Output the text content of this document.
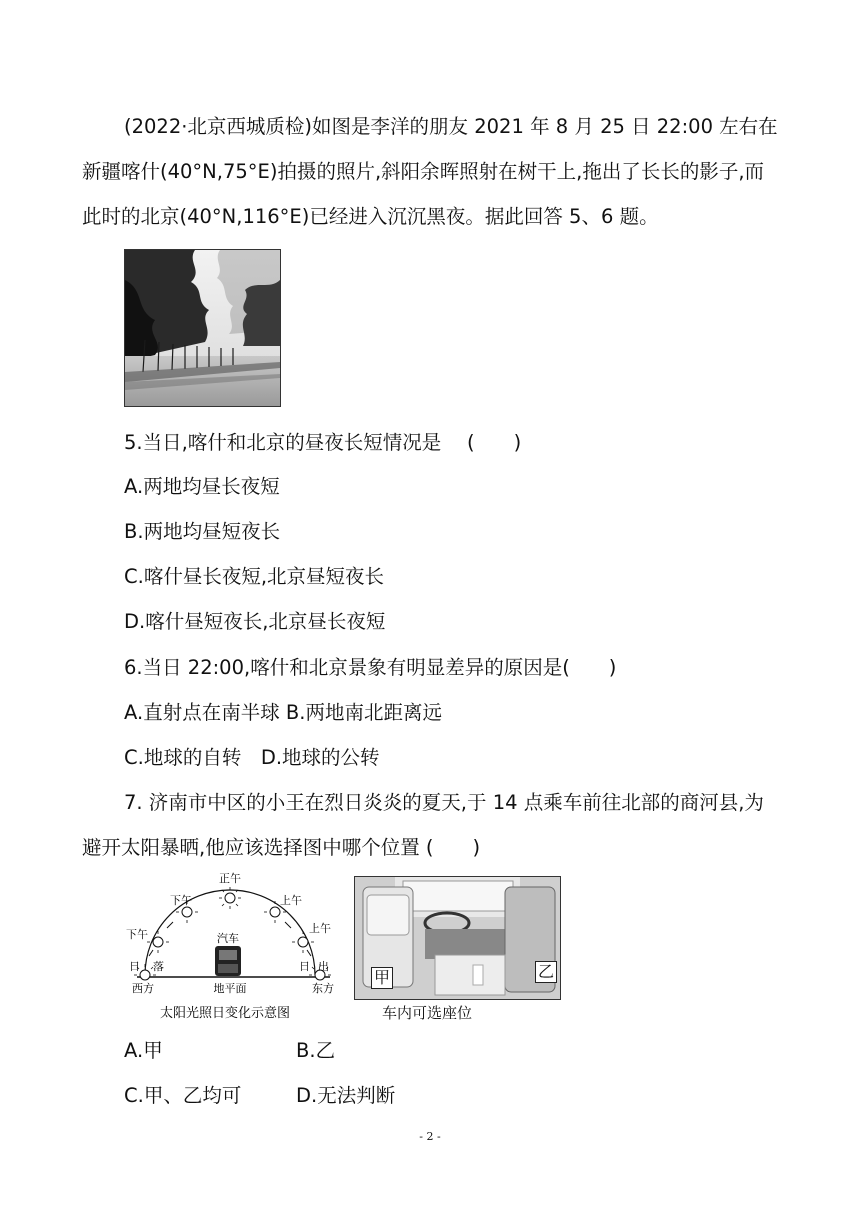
(2022·北京西城质检)如图是李洋的朋友 2021 年 8 月 25 日 22:00 左右在
新疆喀什(40°N,75°E)拍摄的照片,斜阳余晖照射在树干上,拖出了长长的影子,而
此时的北京(40°N,116°E)已经进入沉沉黑夜。据此回答 5、6 题。
5.当日,喀什和北京的昼夜长短情况是　 (　　)
A.两地均昼长夜短
B.两地均昼短夜长
C.喀什昼长夜短,北京昼短夜长
D.喀什昼短夜长,北京昼长夜短
6.当日 22:00,喀什和北京景象有明显差异的原因是(　　)
A.直射点在南半球 B.两地南北距离远
C.地球的自转　D.地球的公转
7. 济南市中区的小王在烈日炎炎的夏天,于 14 点乘车前往北部的商河县,为
避开太阳暴晒,他应该选择图中哪个位置 (　　)
正午
下午
下午
上午
上午
日 落	日 出
汽车
地平面
西方	东方
太阳光照日变化示意图
甲	乙
车内可选座位
A.甲	B.乙
C.甲、乙均可	D.无法判断
- 2 -
